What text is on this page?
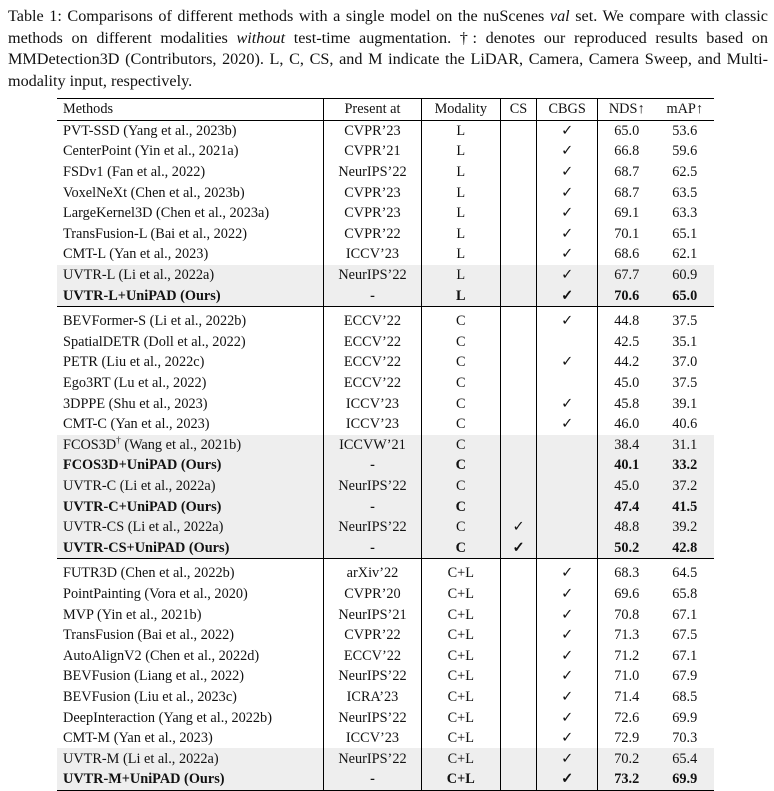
Table 1: Comparisons of different methods with a single model on the nuScenes val set. We compare with classic methods on different modalities without test-time augmentation. †: denotes our reproduced results based on MMDetection3D (Contributors, 2020). L, C, CS, and M indicate the LiDAR, Camera, Camera Sweep, and Multi-modality input, respectively.
Methods	Present at	Modality	CS	CBGS	NDS↑	mAP↑
PVT-SSD (Yang et al., 2023b)	CVPR’23	L		✓	65.0	53.6
CenterPoint (Yin et al., 2021a)	CVPR’21	L		✓	66.8	59.6
FSDv1 (Fan et al., 2022)	NeurIPS’22	L		✓	68.7	62.5
VoxelNeXt (Chen et al., 2023b)	CVPR’23	L		✓	68.7	63.5
LargeKernel3D (Chen et al., 2023a)	CVPR’23	L		✓	69.1	63.3
TransFusion-L (Bai et al., 2022)	CVPR’22	L		✓	70.1	65.1
CMT-L (Yan et al., 2023)	ICCV’23	L		✓	68.6	62.1
UVTR-L (Li et al., 2022a)	NeurIPS’22	L		✓	67.7	60.9
UVTR-L+UniPAD (Ours)	-	L		✓	70.6	65.0

BEVFormer-S (Li et al., 2022b)	ECCV’22	C		✓	44.8	37.5
SpatialDETR (Doll et al., 2022)	ECCV’22	C			42.5	35.1
PETR (Liu et al., 2022c)	ECCV’22	C		✓	44.2	37.0
Ego3RT (Lu et al., 2022)	ECCV’22	C			45.0	37.5
3DPPE (Shu et al., 2023)	ICCV’23	C		✓	45.8	39.1
CMT-C (Yan et al., 2023)	ICCV’23	C		✓	46.0	40.6
FCOS3D† (Wang et al., 2021b)	ICCVW’21	C			38.4	31.1
FCOS3D+UniPAD (Ours)	-	C			40.1	33.2
UVTR-C (Li et al., 2022a)	NeurIPS’22	C			45.0	37.2
UVTR-C+UniPAD (Ours)	-	C			47.4	41.5
UVTR-CS (Li et al., 2022a)	NeurIPS’22	C	✓		48.8	39.2
UVTR-CS+UniPAD (Ours)	-	C	✓		50.2	42.8

FUTR3D (Chen et al., 2022b)	arXiv’22	C+L		✓	68.3	64.5
PointPainting (Vora et al., 2020)	CVPR’20	C+L		✓	69.6	65.8
MVP (Yin et al., 2021b)	NeurIPS’21	C+L		✓	70.8	67.1
TransFusion (Bai et al., 2022)	CVPR’22	C+L		✓	71.3	67.5
AutoAlignV2 (Chen et al., 2022d)	ECCV’22	C+L		✓	71.2	67.1
BEVFusion (Liang et al., 2022)	NeurIPS’22	C+L		✓	71.0	67.9
BEVFusion (Liu et al., 2023c)	ICRA’23	C+L		✓	71.4	68.5
DeepInteraction (Yang et al., 2022b)	NeurIPS’22	C+L		✓	72.6	69.9
CMT-M (Yan et al., 2023)	ICCV’23	C+L		✓	72.9	70.3
UVTR-M (Li et al., 2022a)	NeurIPS’22	C+L		✓	70.2	65.4
UVTR-M+UniPAD (Ours)	-	C+L		✓	73.2	69.9
